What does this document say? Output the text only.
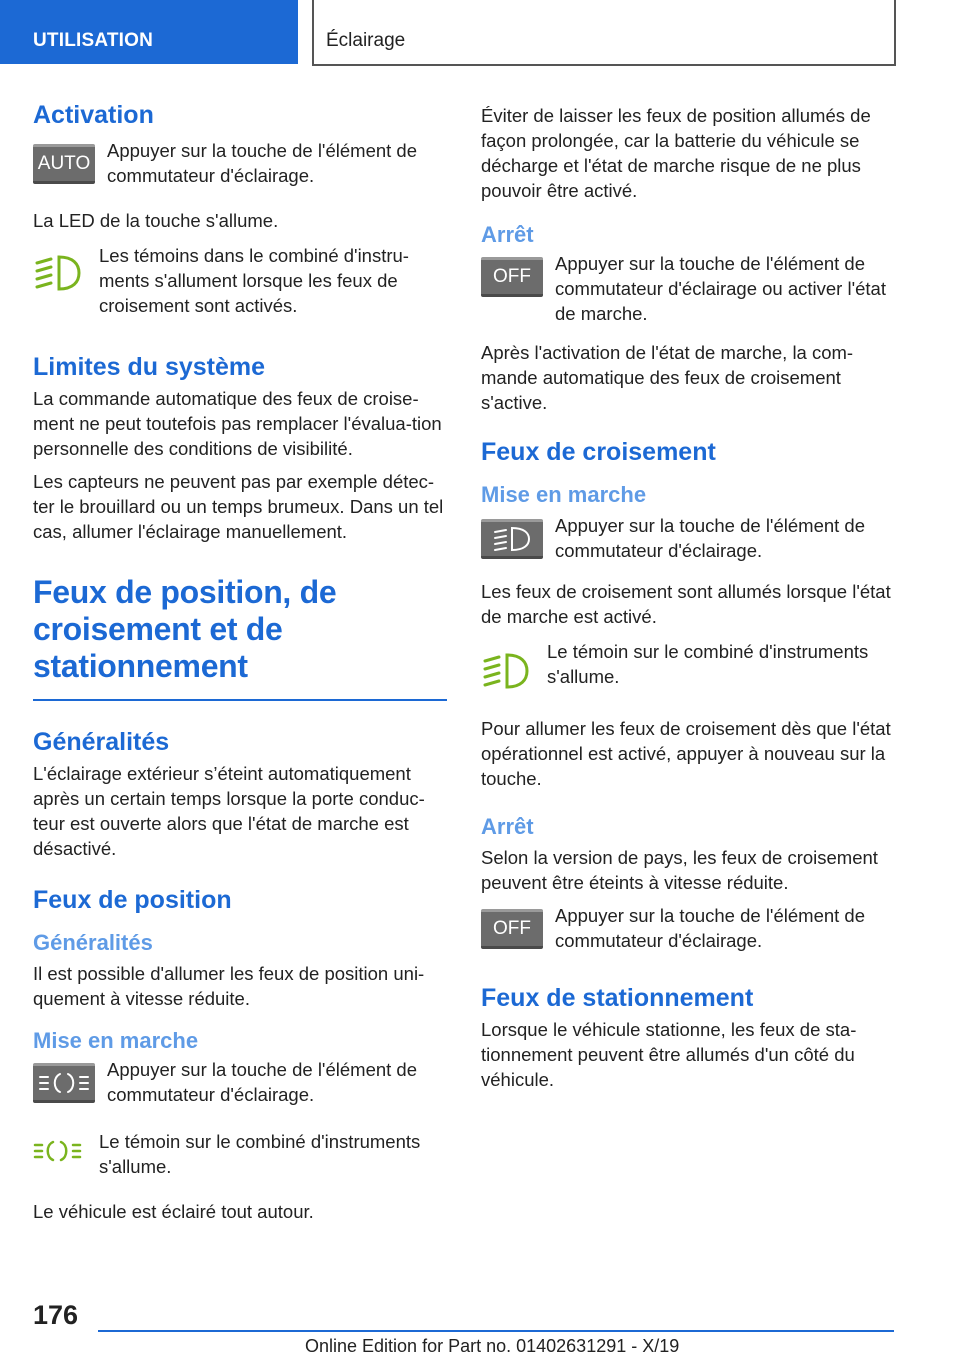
UTILISATION	Éclairage
Activation
AUTO

Appuyer sur la touche de l'élément de commutateur d'éclairage.

La LED de la touche s'allume.

Les témoins dans le combiné d'instru-ments s'allument lorsque les feux de croisement sont activés.

Limites du système

La commande automatique des feux de croise-ment ne peut toutefois pas remplacer l'évalua-tion personnelle des conditions de visibilité.

Les capteurs ne peuvent pas par exemple détec-ter le brouillard ou un temps brumeux. Dans un tel cas, allumer l'éclairage manuellement.

Feux de position, de
croisement et de
stationnement
Généralités

L'éclairage extérieur s’éteint automatiquement après un certain temps lorsque la porte conduc-teur est ouverte alors que l'état de marche est désactivé.

Feux de position
Généralités

Il est possible d'allumer les feux de position uni-quement à vitesse réduite.

Mise en marche

Appuyer sur la touche de l'élément de commutateur d'éclairage.

Le témoin sur le combiné d'instruments s'allume.

Le véhicule est éclairé tout autour.

Éviter de laisser les feux de position allumés de façon prolongée, car la batterie du véhicule se décharge et l'état de marche risque de ne plus pouvoir être activé.

Arrêt
OFF

Appuyer sur la touche de l'élément de commutateur d'éclairage ou activer l'état de marche.

Après l'activation de l'état de marche, la com-mande automatique des feux de croisement s'active.

Feux de croisement
Mise en marche

Appuyer sur la touche de l'élément de commutateur d'éclairage.

Les feux de croisement sont allumés lorsque l'état de marche est activé.

Le témoin sur le combiné d'instruments s'allume.

Pour allumer les feux de croisement dès que l'état opérationnel est activé, appuyer à nouveau sur la touche.

Arrêt

Selon la version de pays, les feux de croisement peuvent être éteints à vitesse réduite.

OFF

Appuyer sur la touche de l'élément de commutateur d'éclairage.

Feux de stationnement

Lorsque le véhicule stationne, les feux de sta-tionnement peuvent être allumés d'un côté du véhicule.

176
Online Edition for Part no. 01402631291 - X/19
